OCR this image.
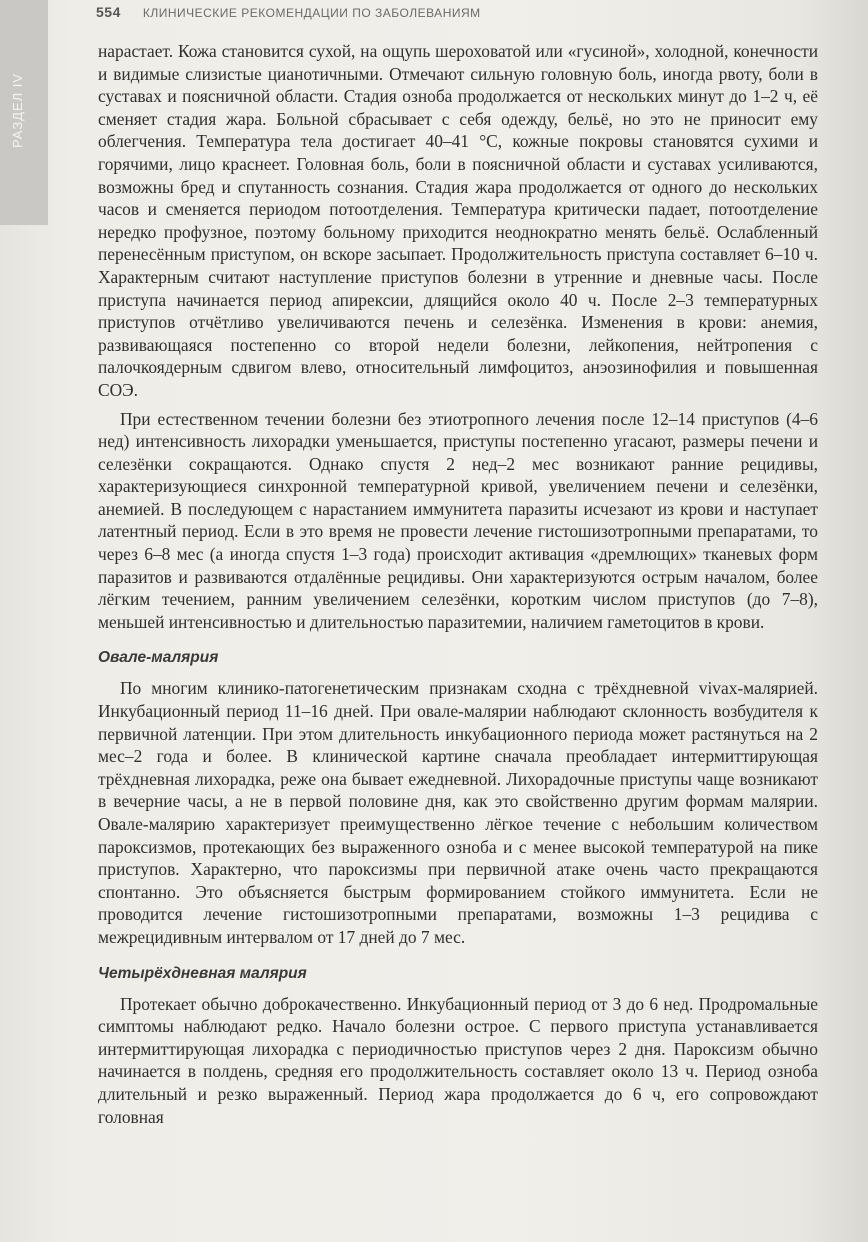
РАЗДЕЛ IV
554 КЛИНИЧЕСКИЕ РЕКОМЕНДАЦИИ ПО ЗАБОЛЕВАНИЯМ

нарастает. Кожа становится сухой, на ощупь шероховатой или «гусиной», холодной, конечности и видимые слизистые цианотичными. Отмечают сильную головную боль, иногда рвоту, боли в суставах и поясничной области. Стадия озноба продолжается от нескольких минут до 1–2 ч, её сменяет стадия жара. Больной сбрасывает с себя одежду, бельё, но это не приносит ему облегчения. Температура тела достигает 40–41 °С, кожные покровы становятся сухими и горячими, лицо краснеет. Головная боль, боли в поясничной области и суставах усиливаются, возможны бред и спутанность сознания. Стадия жара продолжается от одного до нескольких часов и сменяется периодом потоотделения. Температура критически падает, потоотделение нередко профузное, поэтому больному приходится неоднократно менять бельё. Ослабленный перенесённым приступом, он вскоре засыпает. Продолжительность приступа составляет 6–10 ч. Характерным считают наступление приступов болезни в утренние и дневные часы. После приступа начинается период апирексии, длящийся около 40 ч. После 2–3 температурных приступов отчётливо увеличиваются печень и селезёнка. Изменения в крови: анемия, развивающаяся постепенно со второй недели болезни, лейкопения, нейтропения с палочкоядерным сдвигом влево, относительный лимфоцитоз, анэозинофилия и повышенная СОЭ.

При естественном течении болезни без этиотропного лечения после 12–14 приступов (4–6 нед) интенсивность лихорадки уменьшается, приступы постепенно угасают, размеры печени и селезёнки сокращаются. Однако спустя 2 нед–2 мес возникают ранние рецидивы, характеризующиеся синхронной температурной кривой, увеличением печени и селезёнки, анемией. В последующем с нарастанием иммунитета паразиты исчезают из крови и наступает латентный период. Если в это время не провести лечение гистошизотропными препаратами, то через 6–8 мес (а иногда спустя 1–3 года) происходит активация «дремлющих» тканевых форм паразитов и развиваются отдалённые рецидивы. Они характеризуются острым началом, более лёгким течением, ранним увеличением селезёнки, коротким числом приступов (до 7–8), меньшей интенсивностью и длительностью паразитемии, наличием гаметоцитов в крови.

Овале-малярия

По многим клинико-патогенетическим признакам сходна с трёхдневной vivax-малярией. Инкубационный период 11–16 дней. При овале-малярии наблюдают склонность возбудителя к первичной латенции. При этом длительность инкубационного периода может растянуться на 2 мес–2 года и более. В клинической картине сначала преобладает интермиттирующая трёхдневная лихорадка, реже она бывает ежедневной. Лихорадочные приступы чаще возникают в вечерние часы, а не в первой половине дня, как это свойственно другим формам малярии. Овале-малярию характеризует преимущественно лёгкое течение с небольшим количеством пароксизмов, протекающих без выраженного озноба и с менее высокой температурой на пике приступов. Характерно, что пароксизмы при первичной атаке очень часто прекращаются спонтанно. Это объясняется быстрым формированием стойкого иммунитета. Если не проводится лечение гистошизотропными препаратами, возможны 1–3 рецидива с межрецидивным интервалом от 17 дней до 7 мес.

Четырёхдневная малярия

Протекает обычно доброкачественно. Инкубационный период от 3 до 6 нед. Продромальные симптомы наблюдают редко. Начало болезни острое. С первого приступа устанавливается интермиттирующая лихорадка с периодичностью приступов через 2 дня. Пароксизм обычно начинается в полдень, средняя его продолжительность составляет около 13 ч. Период озноба длительный и резко выраженный. Период жара продолжается до 6 ч, его сопровождают головная
